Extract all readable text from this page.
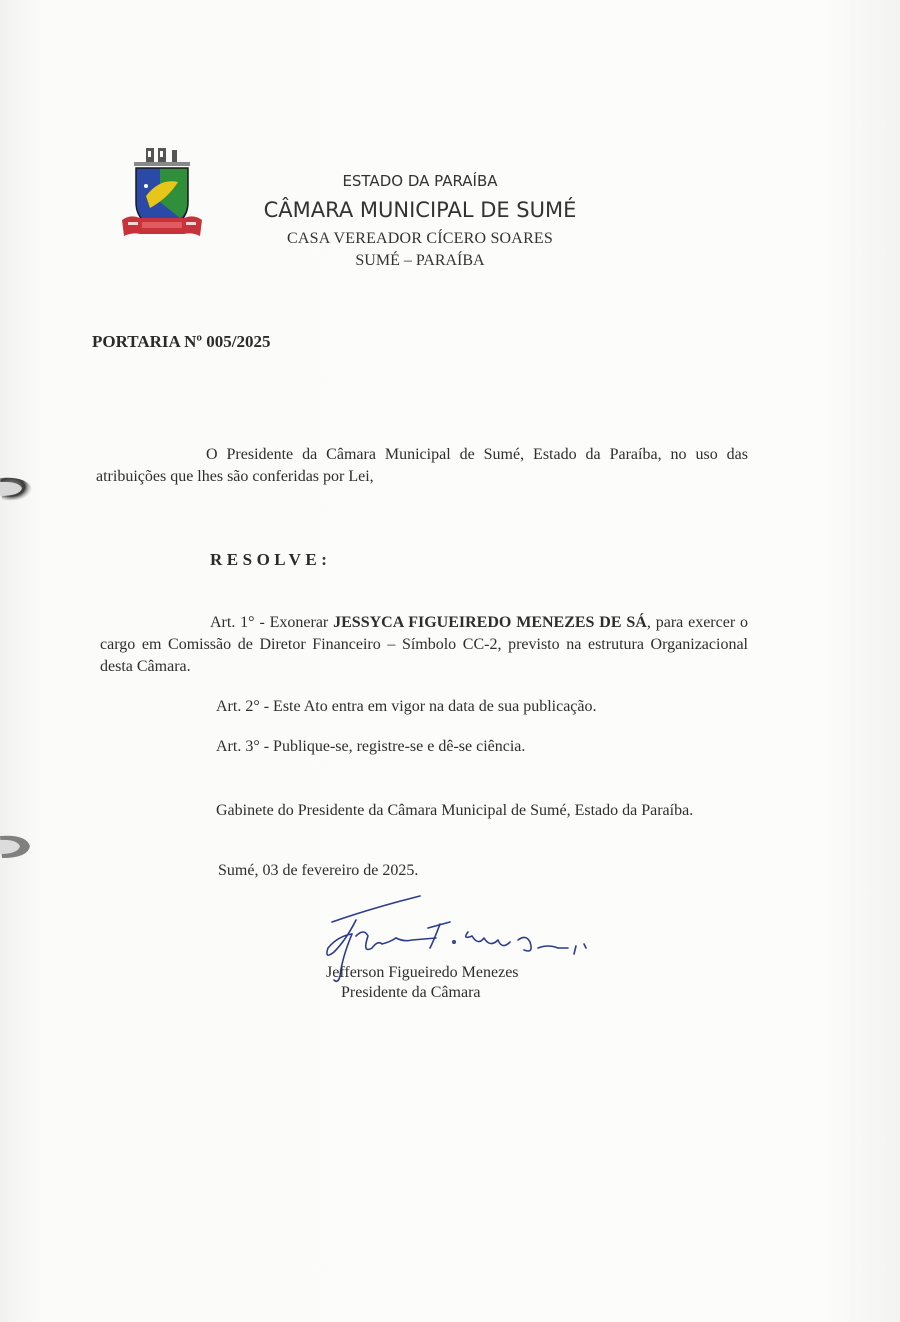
ESTADO DA PARAÍBA
CÂMARA MUNICIPAL DE SUMÉ
CASA VEREADOR CÍCERO SOARES
SUMÉ – PARAÍBA
PORTARIA Nº 005/2025
O Presidente da Câmara Municipal de Sumé, Estado da Paraíba, no uso das atribuições que lhes são conferidas por Lei,
RESOLVE:
Art. 1° - Exonerar JESSYCA FIGUEIREDO MENEZES DE SÁ, para exercer o cargo em Comissão de Diretor Financeiro – Símbolo CC-2, previsto na estrutura Organizacional desta Câmara.
Art. 2° - Este Ato entra em vigor na data de sua publicação.
Art. 3° - Publique-se, registre-se e dê-se ciência.
Gabinete do Presidente da Câmara Municipal de Sumé, Estado da Paraíba.
Sumé, 03 de fevereiro de 2025.
Jefferson Figueiredo Menezes
Presidente da Câmara
